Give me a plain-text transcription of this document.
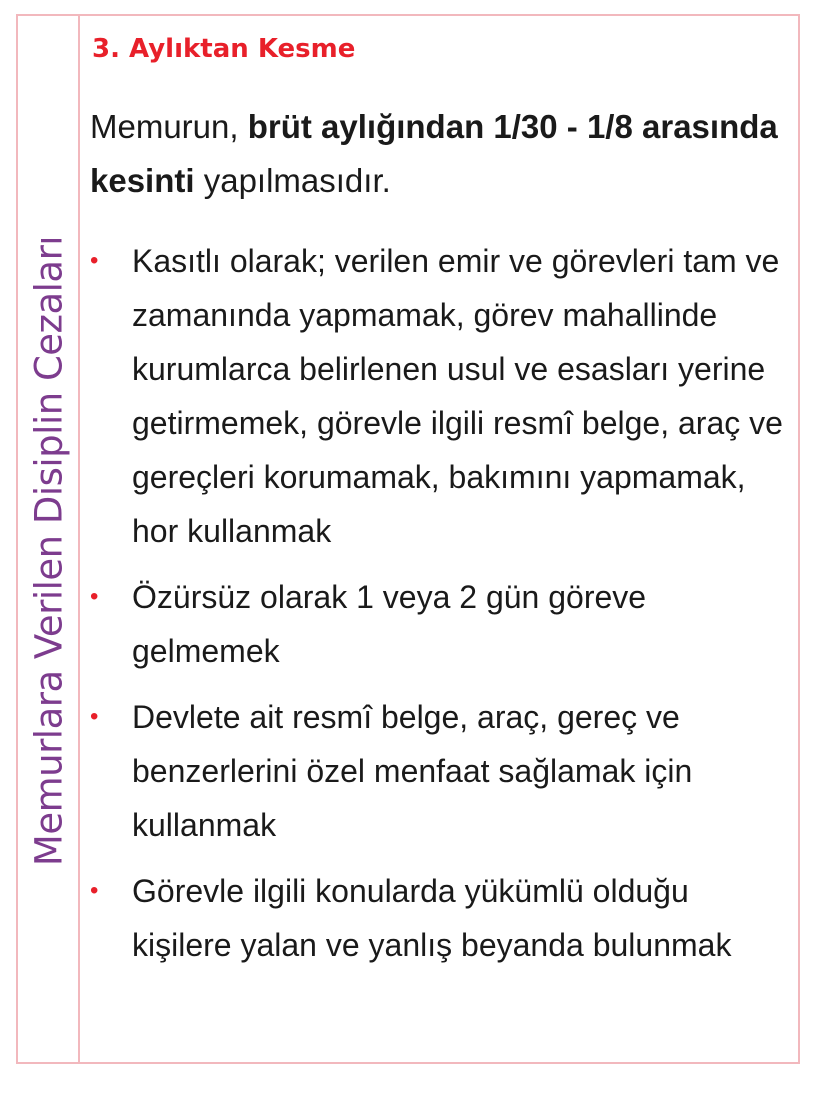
Memurlara Verilen Disiplin Cezaları
3. Aylıktan Kesme

Memurun, brüt aylığından 1/30 - 1/8 arasında kesinti yapılmasıdır.

• Kasıtlı olarak; verilen emir ve görevleri tam ve zamanında yapmamak, görev mahallinde kurumlarca belirlenen usul ve esasları yerine getirmemek, görevle ilgili resmî belge, araç ve gereçleri korumamak, bakımını yapmamak, hor kullanmak
• Özürsüz olarak 1 veya 2 gün göreve gelmemek
• Devlete ait resmî belge, araç, gereç ve benzerlerini özel menfaat sağlamak için kullanmak
• Görevle ilgili konularda yükümlü olduğu kişilere yalan ve yanlış beyanda bulunmak
